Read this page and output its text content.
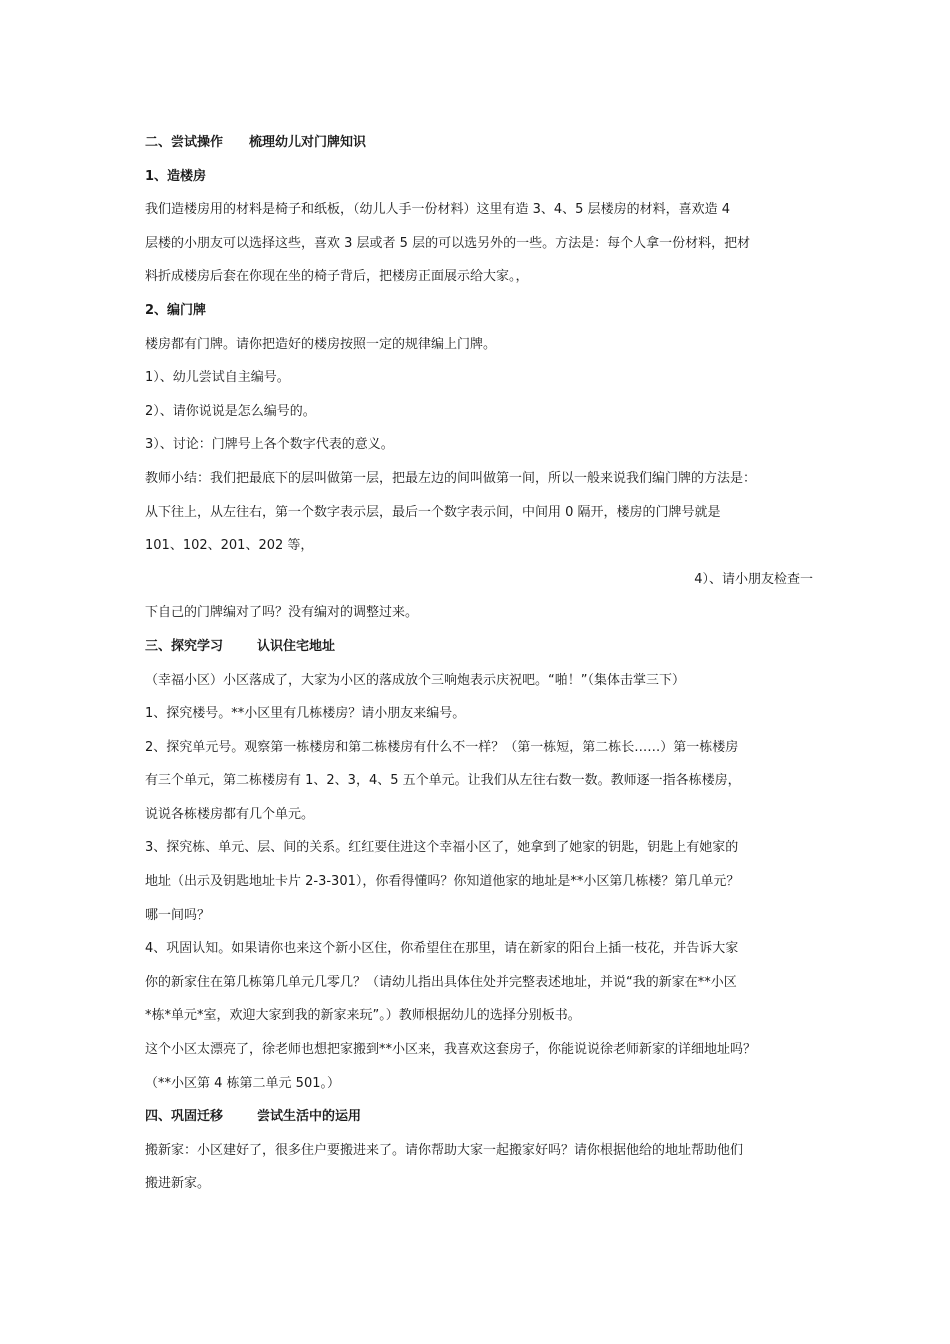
二、尝试操作 梳理幼儿对门牌知识
1、造楼房
我们造楼房用的材料是椅子和纸板，（幼儿人手一份材料）这里有造 3、4、5 层楼房的材料，喜欢造 4
层楼的小朋友可以选择这些，喜欢 3 层或者 5 层的可以选另外的一些。方法是：每个人拿一份材料，把材
料折成楼房后套在你现在坐的椅子背后，把楼房正面展示给大家。，
2、编门牌
楼房都有门牌。请你把造好的楼房按照一定的规律编上门牌。
1）、幼儿尝试自主编号。
2）、请你说说是怎么编号的。
3）、讨论：门牌号上各个数字代表的意义。
教师小结：我们把最底下的层叫做第一层，把最左边的间叫做第一间，所以一般来说我们编门牌的方法是：
从下往上，从左往右，第一个数字表示层，最后一个数字表示间，中间用 0 隔开，楼房的门牌号就是
101、102、201、202 等，
4）、请小朋友检查一
下自己的门牌编对了吗？没有编对的调整过来。
三、探究学习	认识住宅地址
（幸福小区）小区落成了，大家为小区的落成放个三响炮表示庆祝吧。“啪！”（集体击掌三下）
1、探究楼号。**小区里有几栋楼房？请小朋友来编号。
2、探究单元号。观察第一栋楼房和第二栋楼房有什么不一样？（第一栋短，第二栋长……）第一栋楼房
有三个单元，第二栋楼房有 1、2、3，4、5 五个单元。让我们从左往右数一数。教师逐一指各栋楼房，
说说各栋楼房都有几个单元。
3、探究栋、单元、层、间的关系。红红要住进这个幸福小区了，她拿到了她家的钥匙，钥匙上有她家的
地址（出示及钥匙地址卡片 2-3-301），你看得懂吗？你知道他家的地址是**小区第几栋楼？第几单元？
哪一间吗？
4、巩固认知。如果请你也来这个新小区住，你希望住在那里，请在新家的阳台上插一枝花，并告诉大家
你的新家住在第几栋第几单元几零几？（请幼儿指出具体住处并完整表述地址，并说“我的新家在**小区
*栋*单元*室，欢迎大家到我的新家来玩”。）教师根据幼儿的选择分别板书。
这个小区太漂亮了，徐老师也想把家搬到**小区来，我喜欢这套房子，你能说说徐老师新家的详细地址吗？
（**小区第 4 栋第二单元 501。）
四、巩固迁移	尝试生活中的运用
搬新家：小区建好了，很多住户要搬进来了。请你帮助大家一起搬家好吗？请你根据他给的地址帮助他们
搬进新家。
